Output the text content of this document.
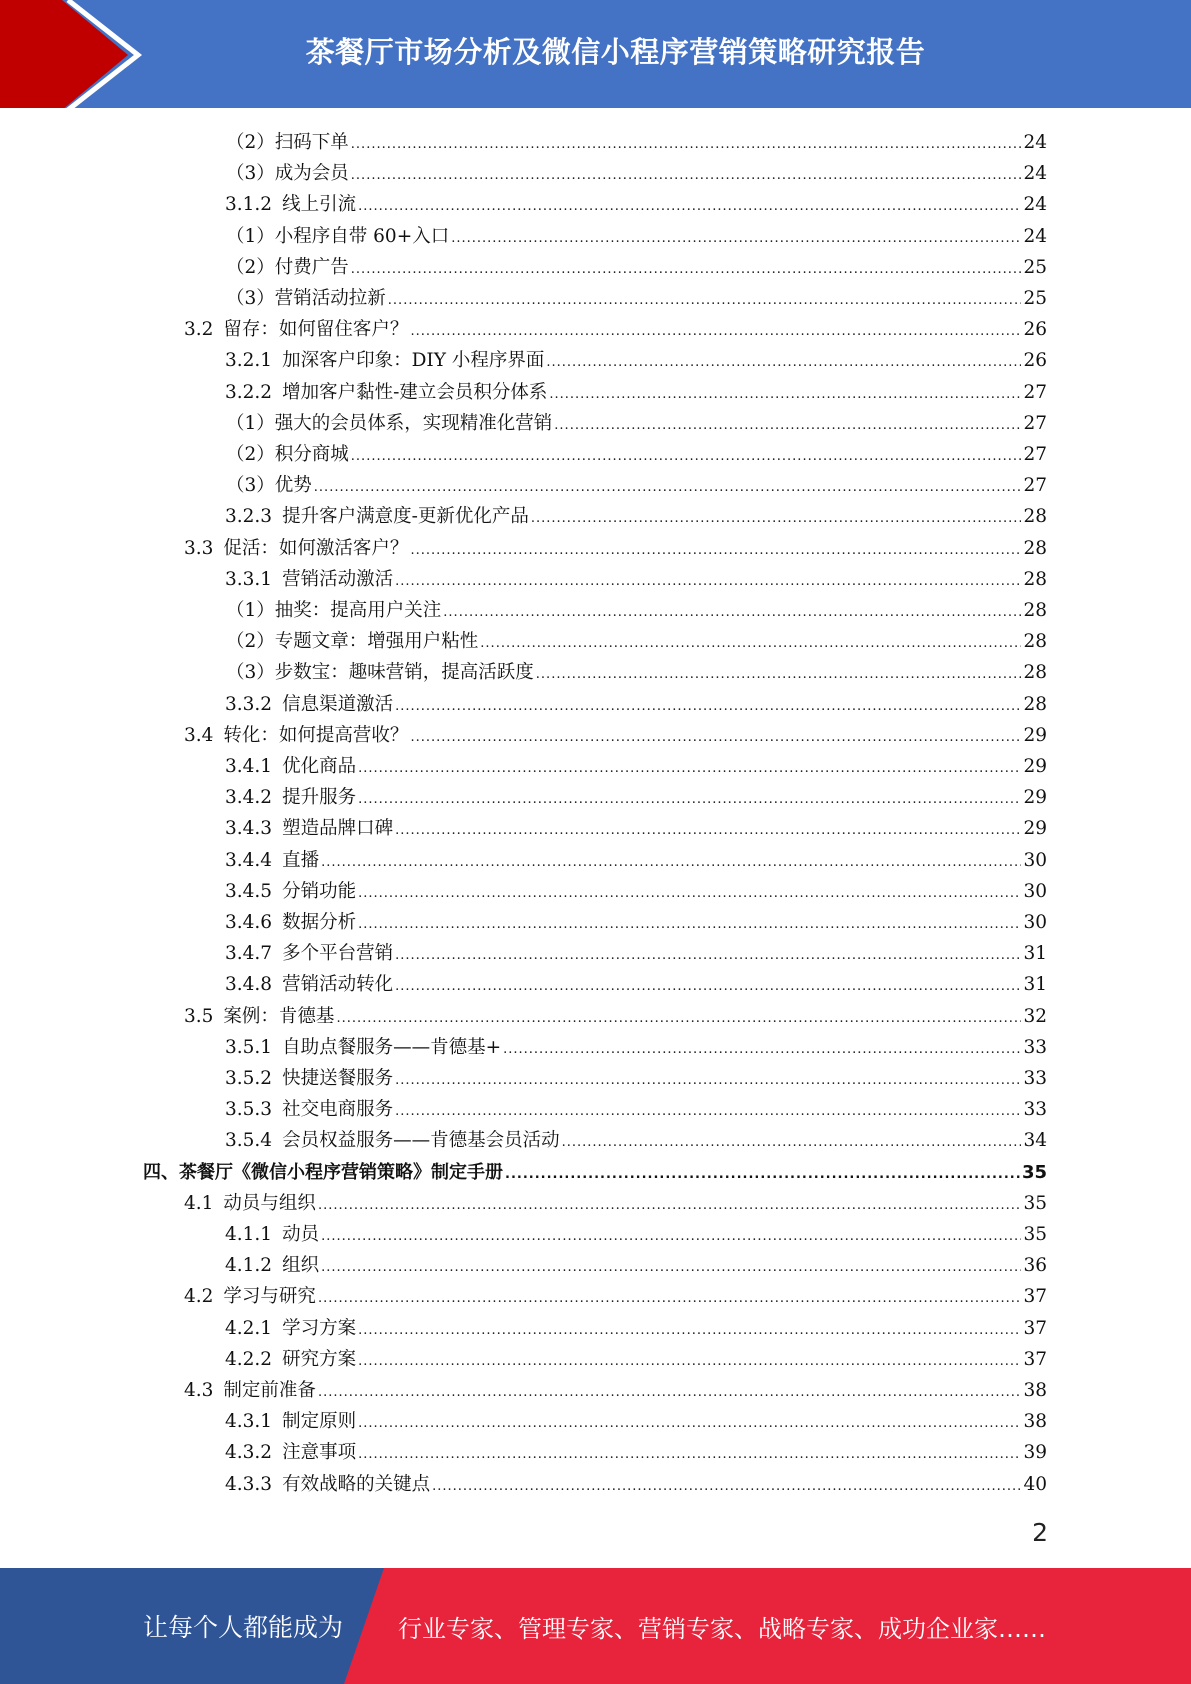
茶餐厅市场分析及微信小程序营销策略研究报告
（2） 扫码下单 .....	24
（3） 成为会员 .....	24
3.1.2 线上引流 .....	24
（1） 小程序自带 60+入口 .....	24
（2） 付费广告 .....	25
（3） 营销活动拉新 .....	25
3.2 留存：如何留住客户？ .....	26
3.2.1 加深客户印象：DIY 小程序界面 .....	26
3.2.2 增加客户黏性-建立会员积分体系 .....	27
（1） 强大的会员体系，实现精准化营销 .....	27
（2） 积分商城 .....	27
（3） 优势 .....	27
3.2.3 提升客户满意度-更新优化产品 .....	28
3.3 促活：如何激活客户？ .....	28
3.3.1 营销活动激活 .....	28
（1） 抽奖：提高用户关注 .....	28
（2） 专题文章：增强用户粘性 .....	28
（3） 步数宝：趣味营销，提高活跃度 .....	28
3.3.2 信息渠道激活 .....	28
3.4 转化：如何提高营收？ .....	29
3.4.1 优化商品 .....	29
3.4.2 提升服务 .....	29
3.4.3 塑造品牌口碑 .....	29
3.4.4 直播 .....	30
3.4.5 分销功能 .....	30
3.4.6 数据分析 .....	30
3.4.7 多个平台营销 .....	31
3.4.8 营销活动转化 .....	31
3.5 案例：肯德基 .....	32
3.5.1 自助点餐服务——肯德基+ .....	33
3.5.2 快捷送餐服务 .....	33
3.5.3 社交电商服务 .....	33
3.5.4 会员权益服务——肯德基会员活动 .....	34
四、茶餐厅《微信小程序营销策略》制定手册 .....	35
4.1 动员与组织 .....	35
4.1.1 动员 .....	35
4.1.2 组织 .....	36
4.2 学习与研究 .....	37
4.2.1 学习方案 .....	37
4.2.2 研究方案 .....	37
4.3 制定前准备 .....	38
4.3.1 制定原则 .....	38
4.3.2 注意事项 .....	39
4.3.3 有效战略的关键点 .....	40
2
让每个人都能成为 行业专家、管理专家、营销专家、战略专家、成功企业家……
